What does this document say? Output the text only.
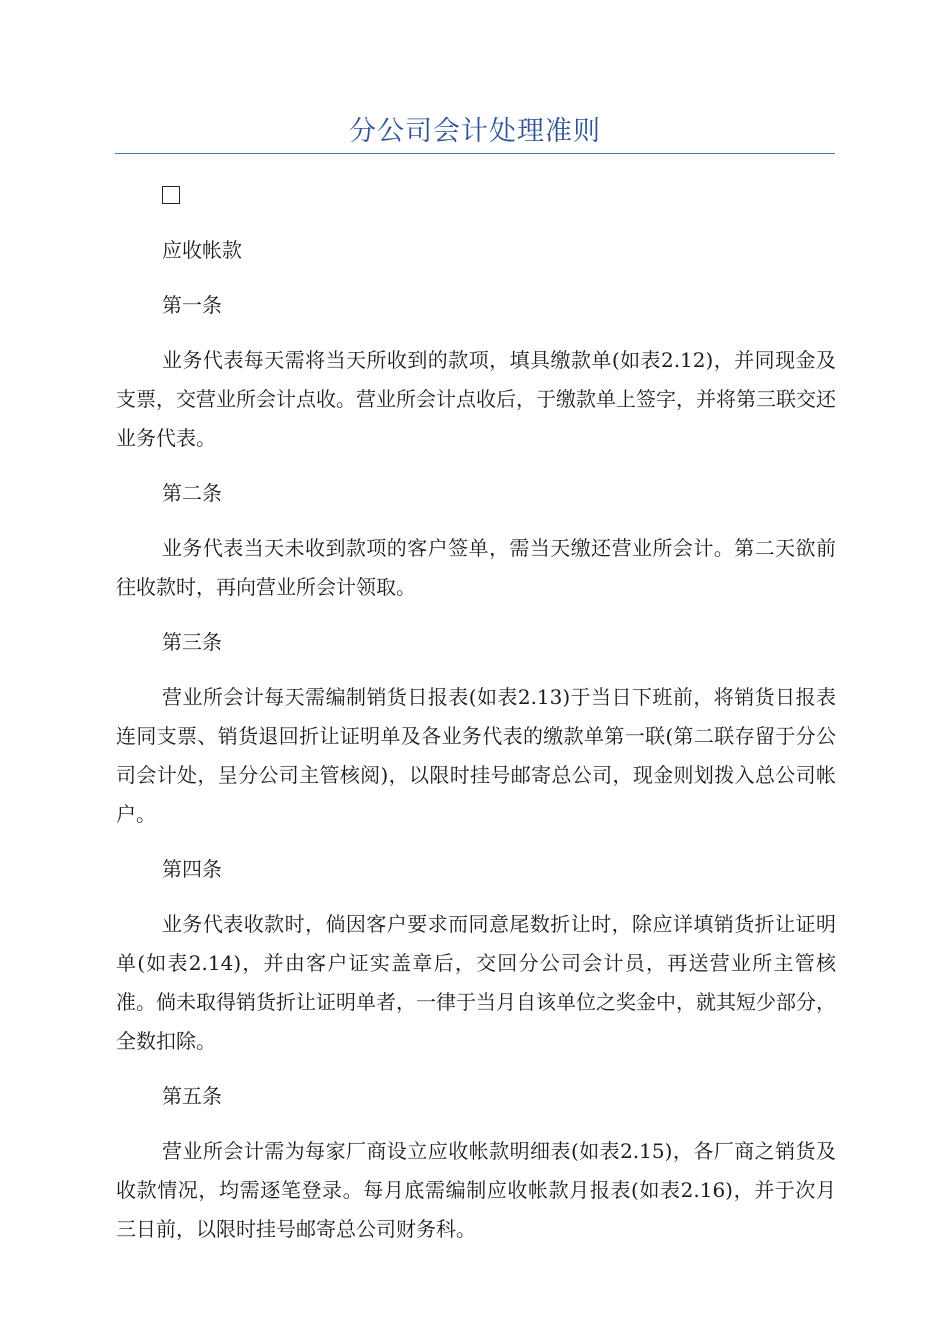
分公司会计处理准则

应收帐款

第一条

业务代表每天需将当天所收到的款项，填具缴款单(如表2.12)，并同现金及支票，交营业所会计点收。营业所会计点收后，于缴款单上签字，并将第三联交还业务代表。

第二条

业务代表当天未收到款项的客户签单，需当天缴还营业所会计。第二天欲前往收款时，再向营业所会计领取。

第三条

营业所会计每天需编制销货日报表(如表2.13)于当日下班前，将销货日报表连同支票、销货退回折让证明单及各业务代表的缴款单第一联(第二联存留于分公司会计处，呈分公司主管核阅)，以限时挂号邮寄总公司，现金则划拨入总公司帐户。

第四条

业务代表收款时，倘因客户要求而同意尾数折让时，除应详填销货折让证明单(如表2.14)，并由客户证实盖章后，交回分公司会计员，再送营业所主管核准。倘未取得销货折让证明单者，一律于当月自该单位之奖金中，就其短少部分，全数扣除。

第五条

营业所会计需为每家厂商设立应收帐款明细表(如表2.15)，各厂商之销货及收款情况，均需逐笔登录。每月底需编制应收帐款月报表(如表2.16)，并于次月三日前，以限时挂号邮寄总公司财务科。
